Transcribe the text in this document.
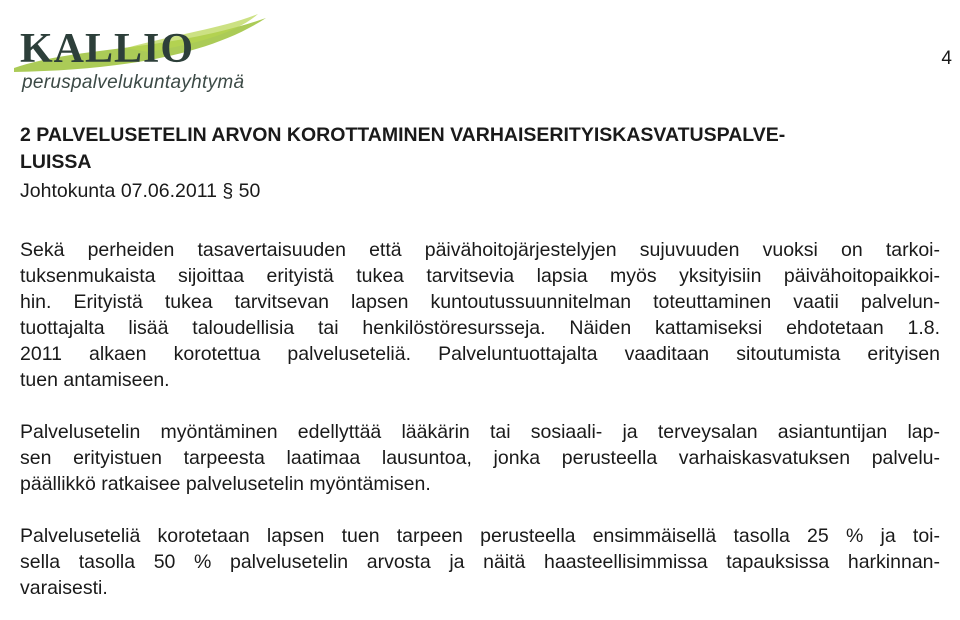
KALLIO
peruspalvelukuntayhtymä
4
2 PALVELUSETELIN ARVON KOROTTAMINEN VARHAISERITYISKASVATUSPALVE-
LUISSA
Johtokunta 07.06.2011 § 50

Sekä perheiden tasavertaisuuden että päivähoitojärjestelyjen sujuvuuden vuoksi on tarkoi-
tuksenmukaista sijoittaa erityistä tukea tarvitsevia lapsia myös yksityisiin päivähoitopaikkoi-
hin. Erityistä tukea tarvitsevan lapsen kuntoutussuunnitelman toteuttaminen vaatii palvelun-
tuottajalta lisää taloudellisia tai henkilöstöresursseja. Näiden kattamiseksi ehdotetaan 1.8.
2011 alkaen korotettua palveluseteliä. Palveluntuottajalta vaaditaan sitoutumista erityisen
tuen antamiseen.

Palvelusetelin myöntäminen edellyttää lääkärin tai sosiaali- ja terveysalan asiantuntijan lap-
sen erityistuen tarpeesta laatimaa lausuntoa, jonka perusteella varhaiskasvatuksen palvelu-
päällikkö ratkaisee palvelusetelin myöntämisen.

Palveluseteliä korotetaan lapsen tuen tarpeen perusteella ensimmäisellä tasolla 25 % ja toi-
sella tasolla 50 % palvelusetelin arvosta ja näitä haasteellisimmissa tapauksissa harkinnan-
varaisesti.
